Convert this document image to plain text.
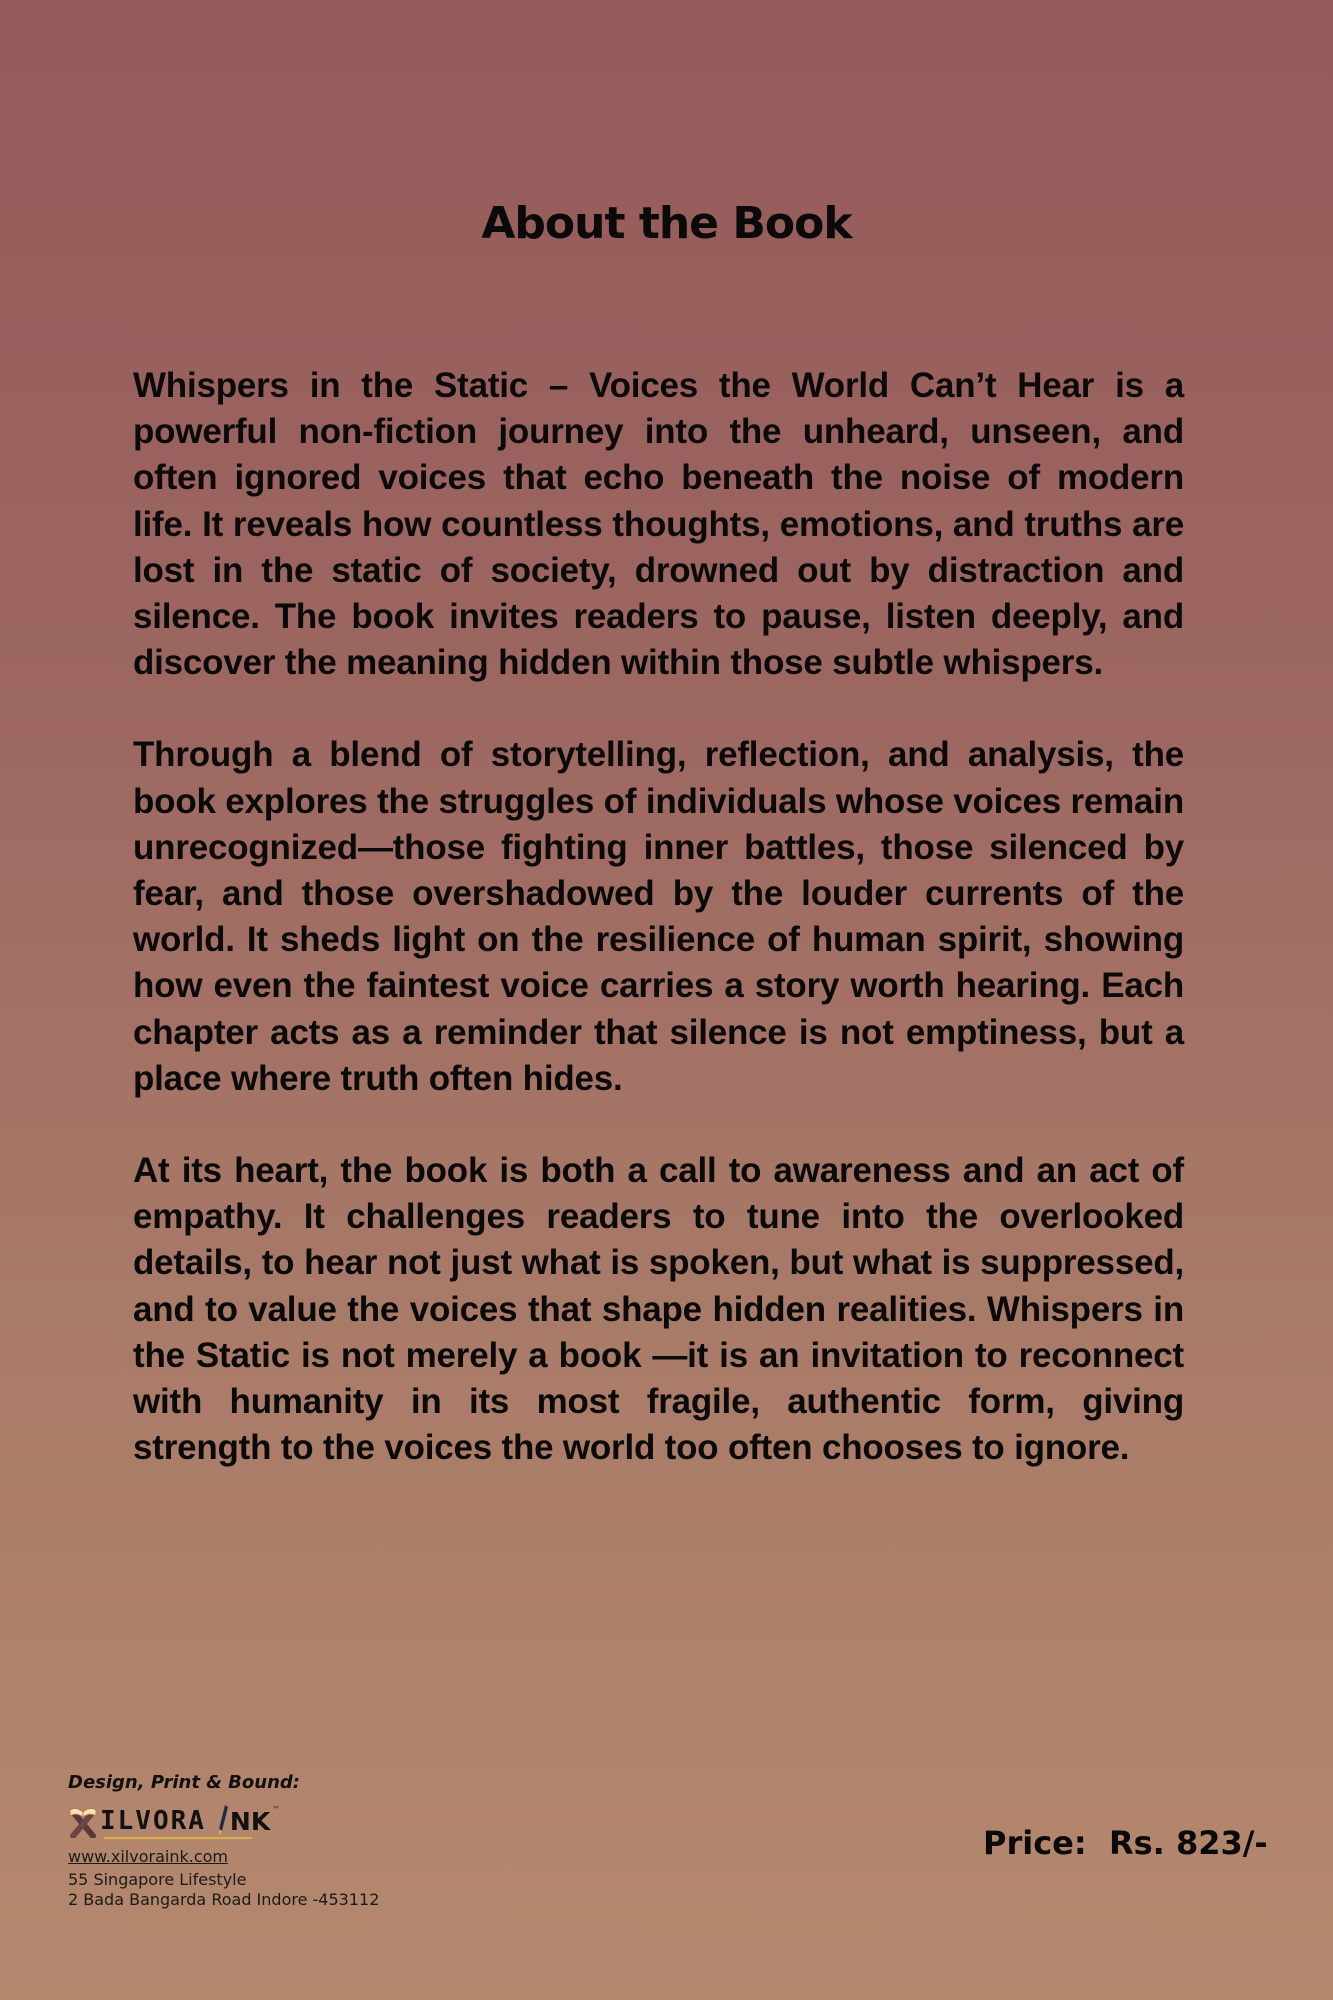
About the Book

Whispers in the Static – Voices the World Can’t Hear is a powerful non-fiction journey into the unheard, unseen, and often ignored voices that echo beneath the noise of modern life. It reveals how countless thoughts, emotions, and truths are lost in the static of society, drowned out by distraction and silence. The book invites readers to pause, listen deeply, and discover the meaning hidden within those subtle whispers.

Through a blend of storytelling, reflection, and analysis, the book explores the struggles of individuals whose voices remain unrecognized—those fighting inner battles, those silenced by fear, and those overshadowed by the louder currents of the world. It sheds light on the resilience of human spirit, showing how even the faintest voice carries a story worth hearing. Each chapter acts as a reminder that silence is not emptiness, but a place where truth often hides.

At its heart, the book is both a call to awareness and an act of empathy. It challenges readers to tune into the overlooked details, to hear not just what is spoken, but what is suppressed, and to value the voices that shape hidden realities. Whispers in the Static is not merely a book —it is an invitation to reconnect with humanity in its most fragile, authentic form, giving strength to the voices the world too often chooses to ignore.

Design, Print & Bound:

ILVORA NK ™
www.xilvoraink.com

55 Singapore Lifestyle

2 Bada Bangarda Road Indore -453112

Price:  Rs. 823/-
